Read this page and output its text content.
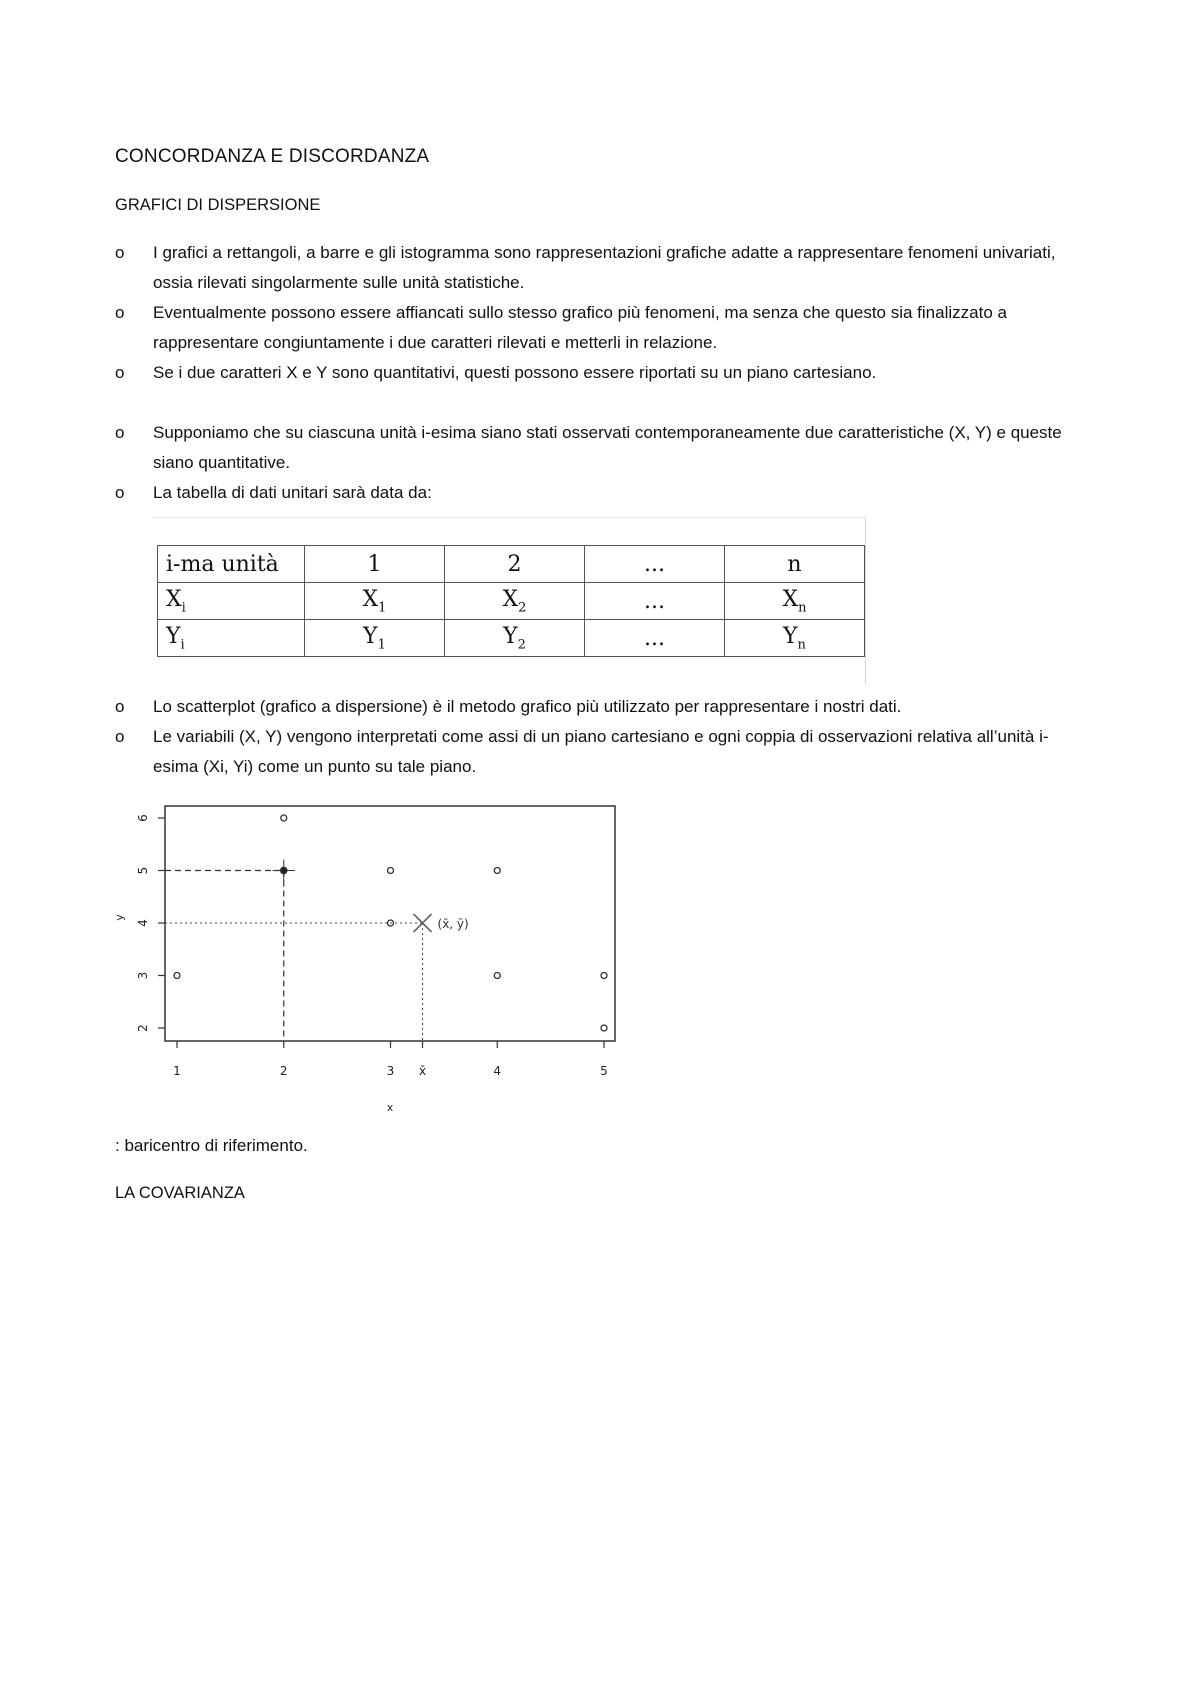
CONCORDANZA E DISCORDANZA
GRAFICI DI DISPERSIONE
o	I grafici a rettangoli, a barre e gli istogramma sono rappresentazioni grafiche adatte a rappresentare fenomeni univariati, ossia rilevati singolarmente sulle unità statistiche.
o	Eventualmente possono essere affiancati sullo stesso grafico più fenomeni, ma senza che questo sia finalizzato a rappresentare congiuntamente i due caratteri rilevati e metterli in relazione.
o	Se i due caratteri X e Y sono quantitativi, questi possono essere riportati su un piano cartesiano.
o	Supponiamo che su ciascuna unità i-esima siano stati osservati contemporaneamente due caratteristiche (X, Y) e queste siano quantitative.
o	La tabella di dati unitari sarà data da:
i-ma unità	1	2	...	n
$X_i$	$X_1$	$X_2$	...	$X_n$
$Y_i$	$Y_1$	$Y_2$	...	$Y_n$
o	Lo scatterplot (grafico a dispersione) è il metodo grafico più utilizzato per rappresentare i nostri dati.
o	Le variabili (X, Y) vengono interpretati come assi di un piano cartesiano e ogni coppia di osservazioni relativa all’unità i-esima (Xi, Yi) come un punto su tale piano.
1	2	3	4	5
2
3
4
5
6
x
y
x̄
(x̄, ȳ)
: baricentro di riferimento.
LA COVARIANZA
